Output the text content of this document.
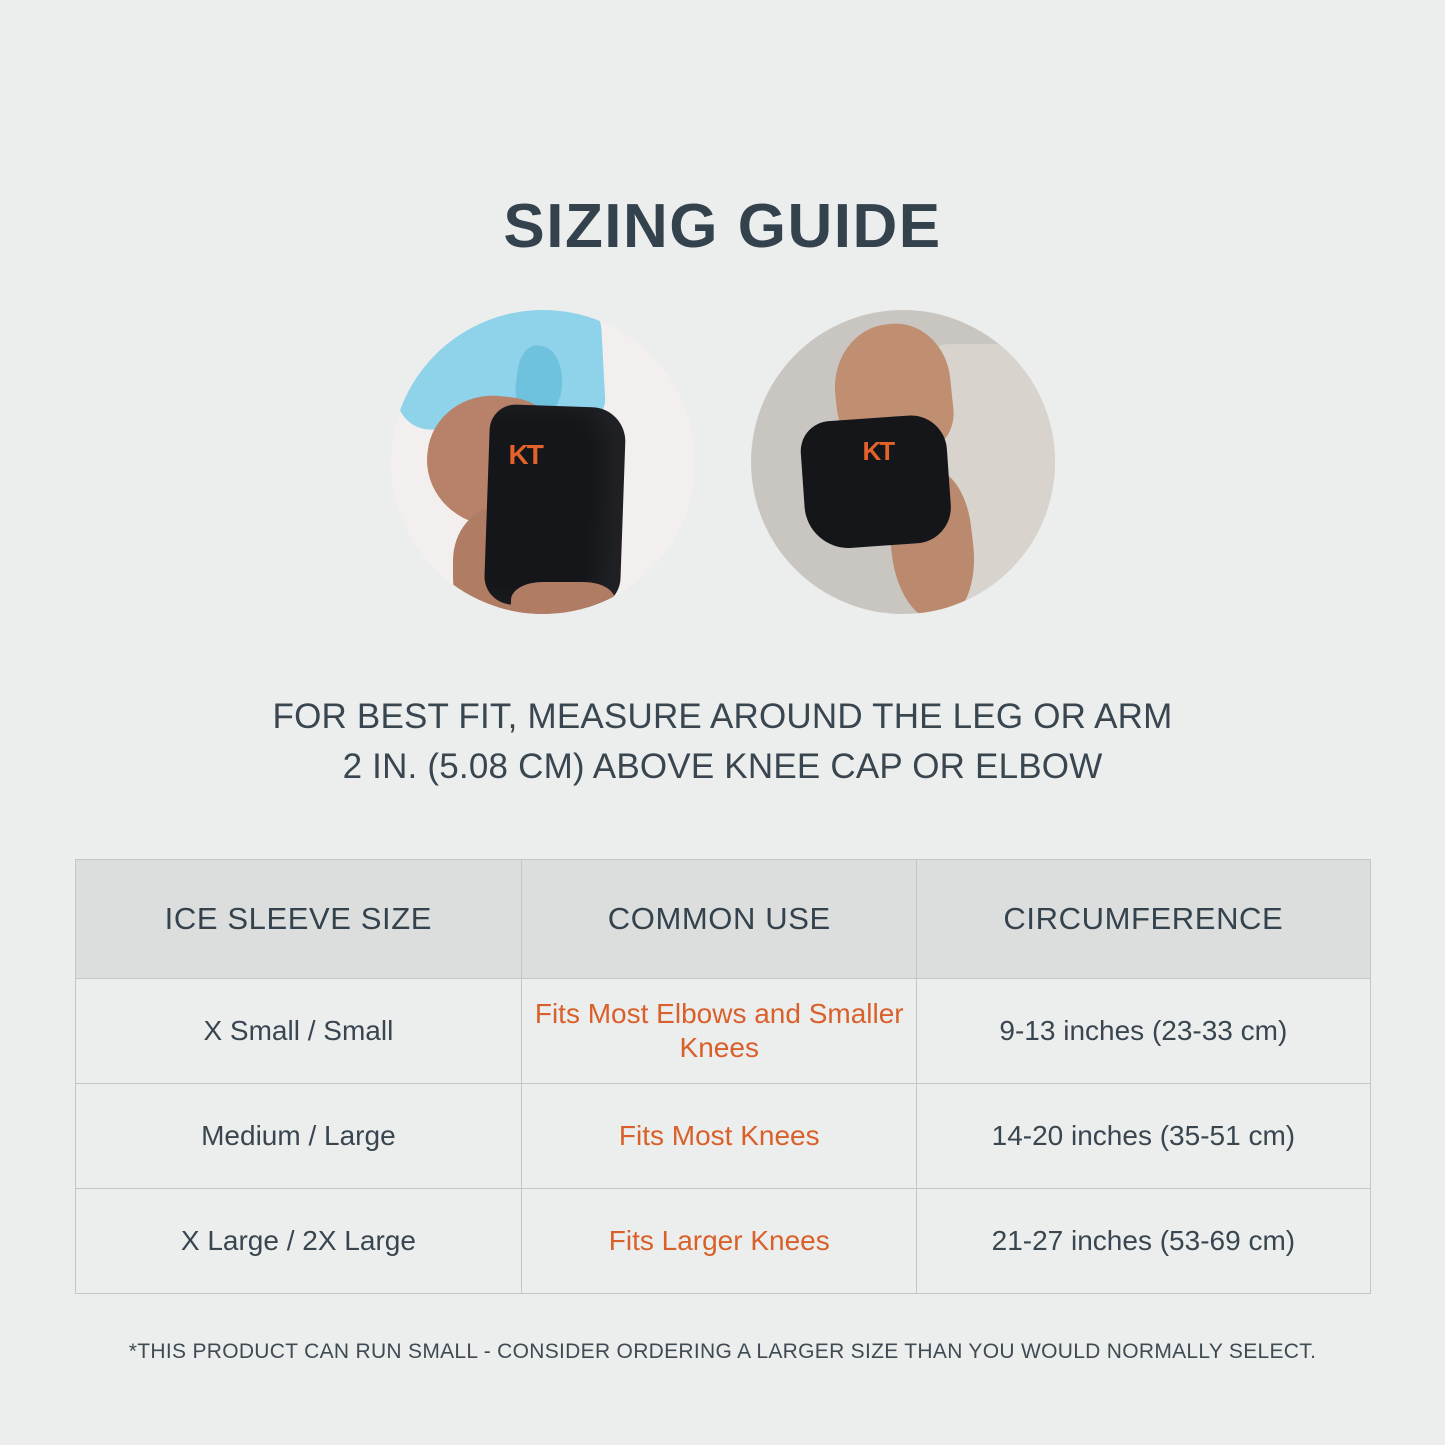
SIZING GUIDE
KT	KT
FOR BEST FIT, MEASURE AROUND THE LEG OR ARM
2 IN. (5.08 CM) ABOVE KNEE CAP OR ELBOW
ICE SLEEVE SIZE	COMMON USE	CIRCUMFERENCE
X Small / Small	Fits Most Elbows and Smaller Knees	9-13 inches (23-33 cm)
Medium / Large	Fits Most Knees	14-20 inches (35-51 cm)
X Large / 2X Large	Fits Larger Knees	21-27 inches (53-69 cm)
*THIS PRODUCT CAN RUN SMALL - CONSIDER ORDERING A LARGER SIZE THAN YOU WOULD NORMALLY SELECT.
